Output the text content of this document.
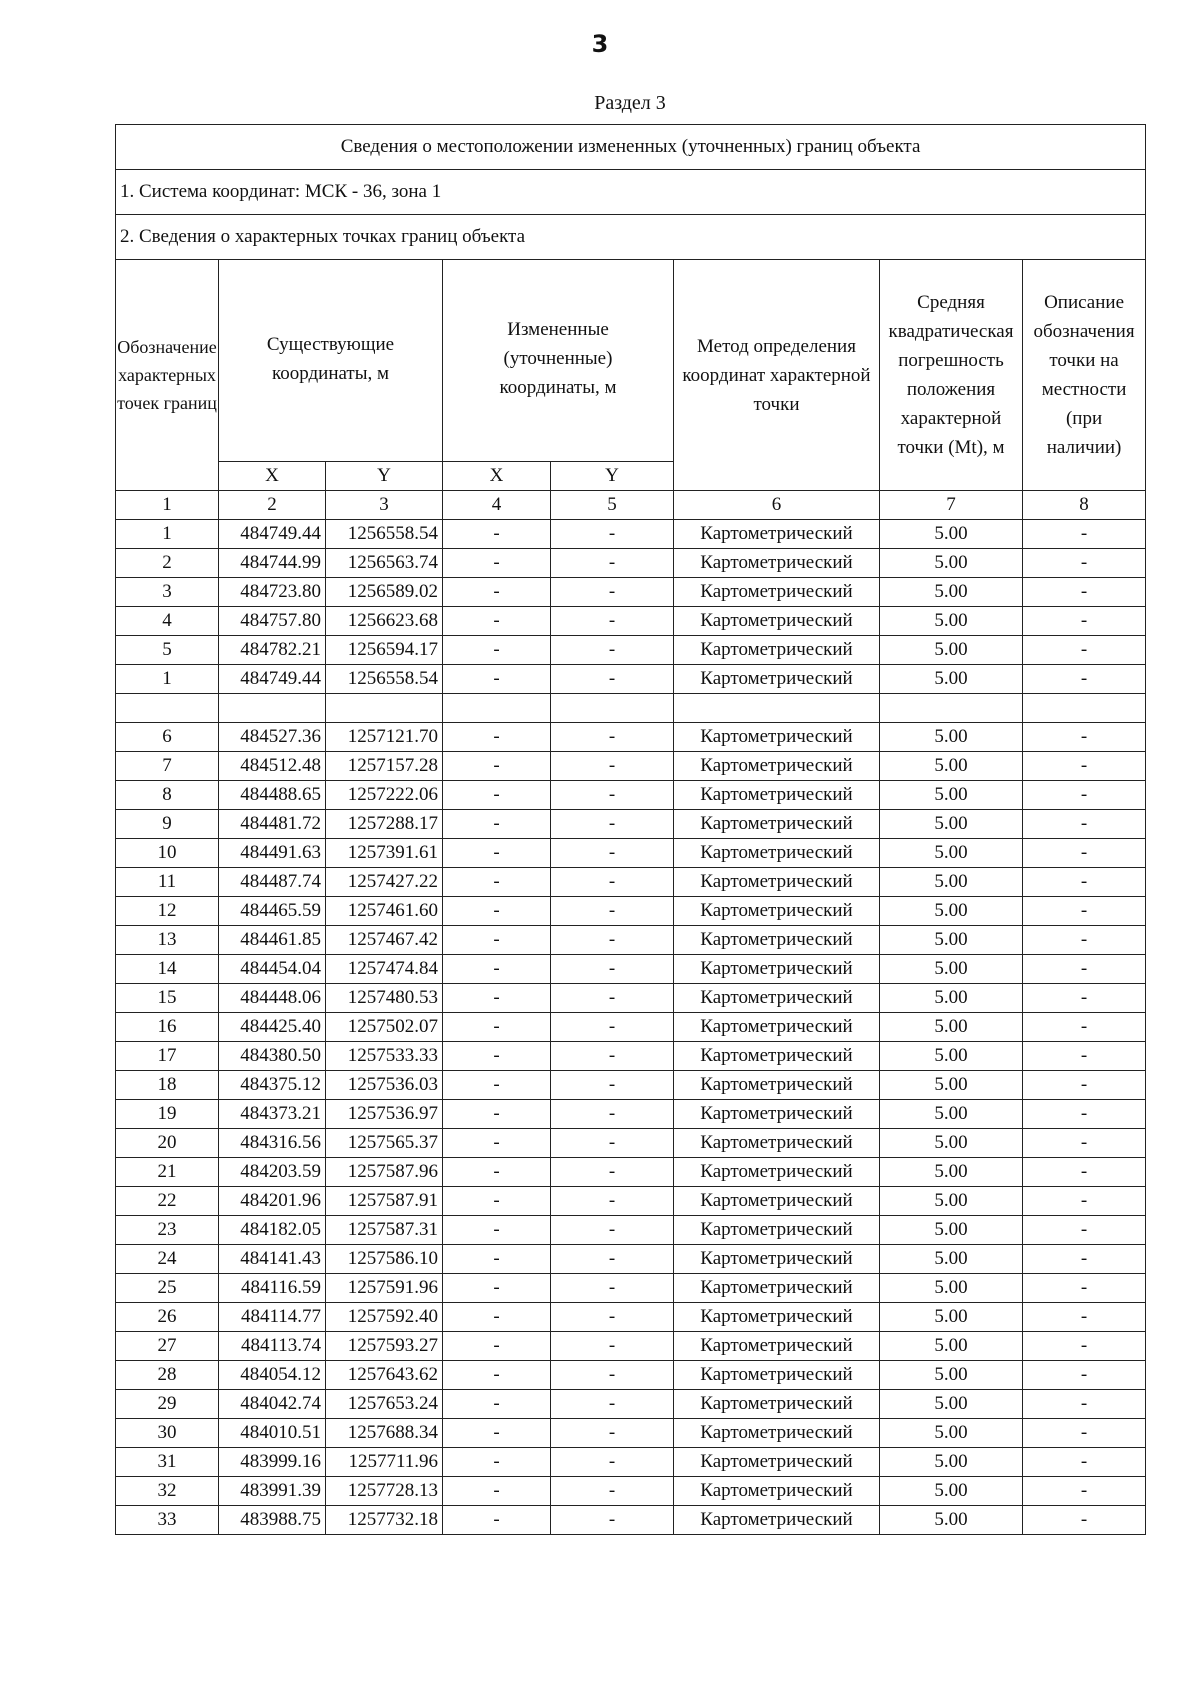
3
Раздел 3
Сведения о местоположении измененных (уточненных) границ объекта							
1. Система координат: МСК - 36, зона 1							
2. Сведения о характерных точках границ объекта							
Обозначение характерных точек границ	Существующие координаты, м		Измененные (уточненные) координаты, м		Метод определения координат характерной точки	Средняя квадратическая погрешность положения характерной точки (Mt), м	Описание обозначения точки на местности (при наличии)
	X	Y	X	Y			
1	2	3	4	5	6	7	8
1	484749.44	1256558.54	-	-	Картометрический	5.00	-
2	484744.99	1256563.74	-	-	Картометрический	5.00	-
3	484723.80	1256589.02	-	-	Картометрический	5.00	-
4	484757.80	1256623.68	-	-	Картометрический	5.00	-
5	484782.21	1256594.17	-	-	Картометрический	5.00	-
1	484749.44	1256558.54	-	-	Картометрический	5.00	-

6	484527.36	1257121.70	-	-	Картометрический	5.00	-
7	484512.48	1257157.28	-	-	Картометрический	5.00	-
8	484488.65	1257222.06	-	-	Картометрический	5.00	-
9	484481.72	1257288.17	-	-	Картометрический	5.00	-
10	484491.63	1257391.61	-	-	Картометрический	5.00	-
11	484487.74	1257427.22	-	-	Картометрический	5.00	-
12	484465.59	1257461.60	-	-	Картометрический	5.00	-
13	484461.85	1257467.42	-	-	Картометрический	5.00	-
14	484454.04	1257474.84	-	-	Картометрический	5.00	-
15	484448.06	1257480.53	-	-	Картометрический	5.00	-
16	484425.40	1257502.07	-	-	Картометрический	5.00	-
17	484380.50	1257533.33	-	-	Картометрический	5.00	-
18	484375.12	1257536.03	-	-	Картометрический	5.00	-
19	484373.21	1257536.97	-	-	Картометрический	5.00	-
20	484316.56	1257565.37	-	-	Картометрический	5.00	-
21	484203.59	1257587.96	-	-	Картометрический	5.00	-
22	484201.96	1257587.91	-	-	Картометрический	5.00	-
23	484182.05	1257587.31	-	-	Картометрический	5.00	-
24	484141.43	1257586.10	-	-	Картометрический	5.00	-
25	484116.59	1257591.96	-	-	Картометрический	5.00	-
26	484114.77	1257592.40	-	-	Картометрический	5.00	-
27	484113.74	1257593.27	-	-	Картометрический	5.00	-
28	484054.12	1257643.62	-	-	Картометрический	5.00	-
29	484042.74	1257653.24	-	-	Картометрический	5.00	-
30	484010.51	1257688.34	-	-	Картометрический	5.00	-
31	483999.16	1257711.96	-	-	Картометрический	5.00	-
32	483991.39	1257728.13	-	-	Картометрический	5.00	-
33	483988.75	1257732.18	-	-	Картометрический	5.00	-
